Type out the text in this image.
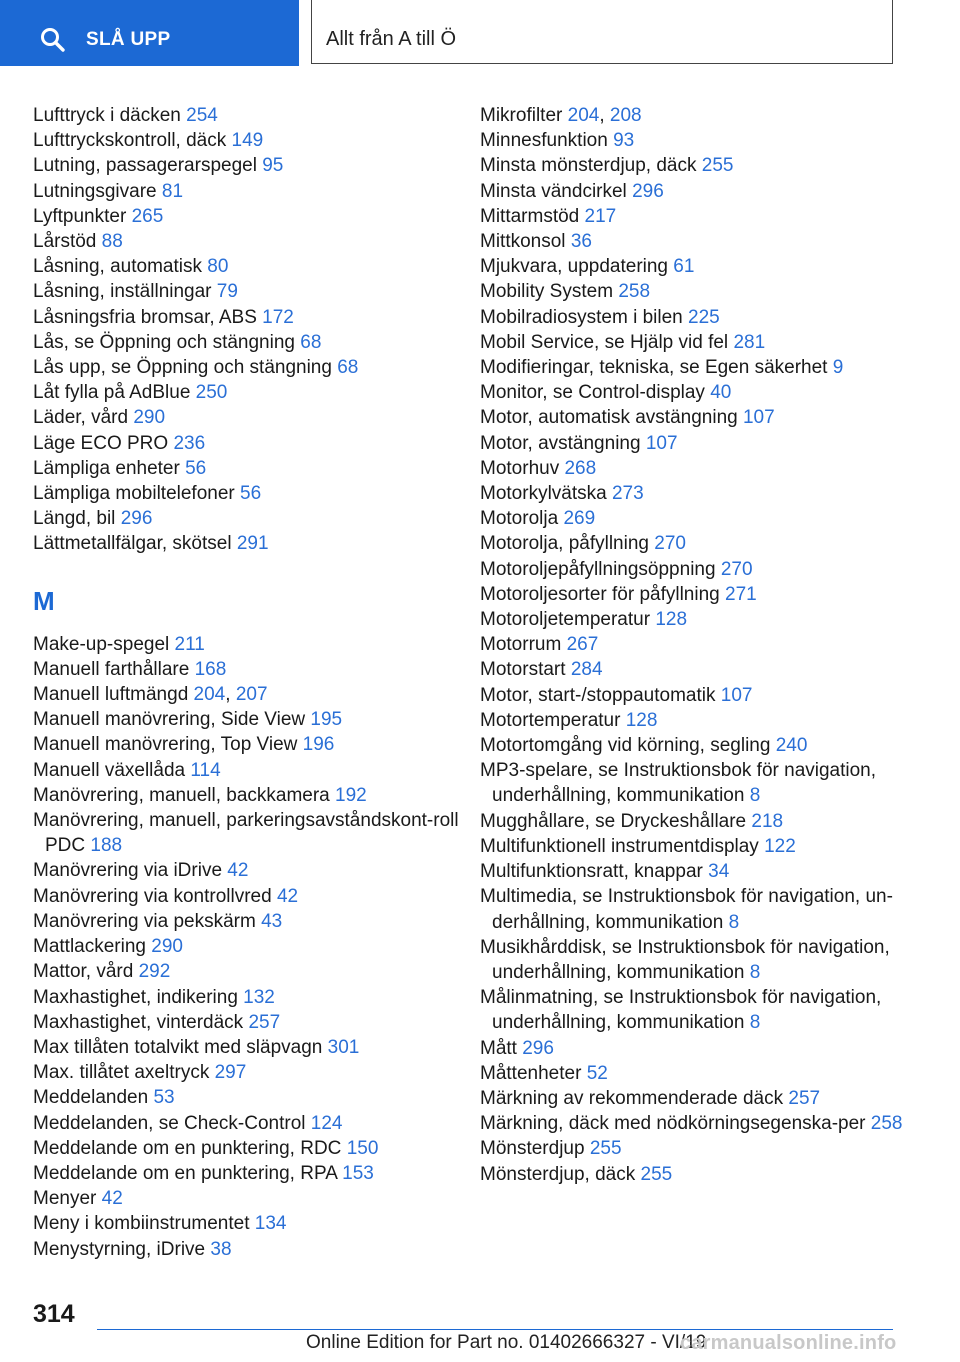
SLÅ UPP	Allt från A till Ö
Lufttryck i däcken 254
Lufttryckskontroll, däck 149
Lutning, passagerarspegel 95
Lutningsgivare 81
Lyftpunkter 265
Lårstöd 88
Låsning, automatisk 80
Låsning, inställningar 79
Låsningsfria bromsar, ABS 172
Lås, se Öppning och stängning 68
Lås upp, se Öppning och stängning 68
Låt fylla på AdBlue 250
Läder, vård 290
Läge ECO PRO 236
Lämpliga enheter 56
Lämpliga mobiltelefoner 56
Längd, bil 296
Lättmetallfälgar, skötsel 291
M
Make-up-spegel 211
Manuell farthållare 168
Manuell luftmängd 204, 207
Manuell manövrering, Side View 195
Manuell manövrering, Top View 196
Manuell växellåda 114
Manövrering, manuell, backkamera 192
Manövrering, manuell, parkeringsavståndskont-roll PDC 188
Manövrering via iDrive 42
Manövrering via kontrollvred 42
Manövrering via pekskärm 43
Mattlackering 290
Mattor, vård 292
Maxhastighet, indikering 132
Maxhastighet, vinterdäck 257
Max tillåten totalvikt med släpvagn 301
Max. tillåtet axeltryck 297
Meddelanden 53
Meddelanden, se Check-Control 124
Meddelande om en punktering, RDC 150
Meddelande om en punktering, RPA 153
Menyer 42
Meny i kombiinstrumentet 134
Menystyrning, iDrive 38
Mikrofilter 204, 208
Minnesfunktion 93
Minsta mönsterdjup, däck 255
Minsta vändcirkel 296
Mittarmstöd 217
Mittkonsol 36
Mjukvara, uppdatering 61
Mobility System 258
Mobilradiosystem i bilen 225
Mobil Service, se Hjälp vid fel 281
Modifieringar, tekniska, se Egen säkerhet 9
Monitor, se Control-display 40
Motor, automatisk avstängning 107
Motor, avstängning 107
Motorhuv 268
Motorkylvätska 273
Motorolja 269
Motorolja, påfyllning 270
Motoroljepåfyllningsöppning 270
Motoroljesorter för påfyllning 271
Motoroljetemperatur 128
Motorrum 267
Motorstart 284
Motor, start-/stoppautomatik 107
Motortemperatur 128
Motortomgång vid körning, segling 240
MP3-spelare, se Instruktionsbok för navigation, underhållning, kommunikation 8
Mugghållare, se Dryckeshållare 218
Multifunktionell instrumentdisplay 122
Multifunktionsratt, knappar 34
Multimedia, se Instruktionsbok för navigation, un-derhållning, kommunikation 8
Musikhårddisk, se Instruktionsbok för navigation, underhållning, kommunikation 8
Målinmatning, se Instruktionsbok för navigation, underhållning, kommunikation 8
Mått 296
Måttenheter 52
Märkning av rekommenderade däck 257
Märkning, däck med nödkörningsegenska-per 258
Mönsterdjup 255
Mönsterdjup, däck 255
314
Online Edition for Part no. 01402666327 - VI/19
carmanualsonline.info
